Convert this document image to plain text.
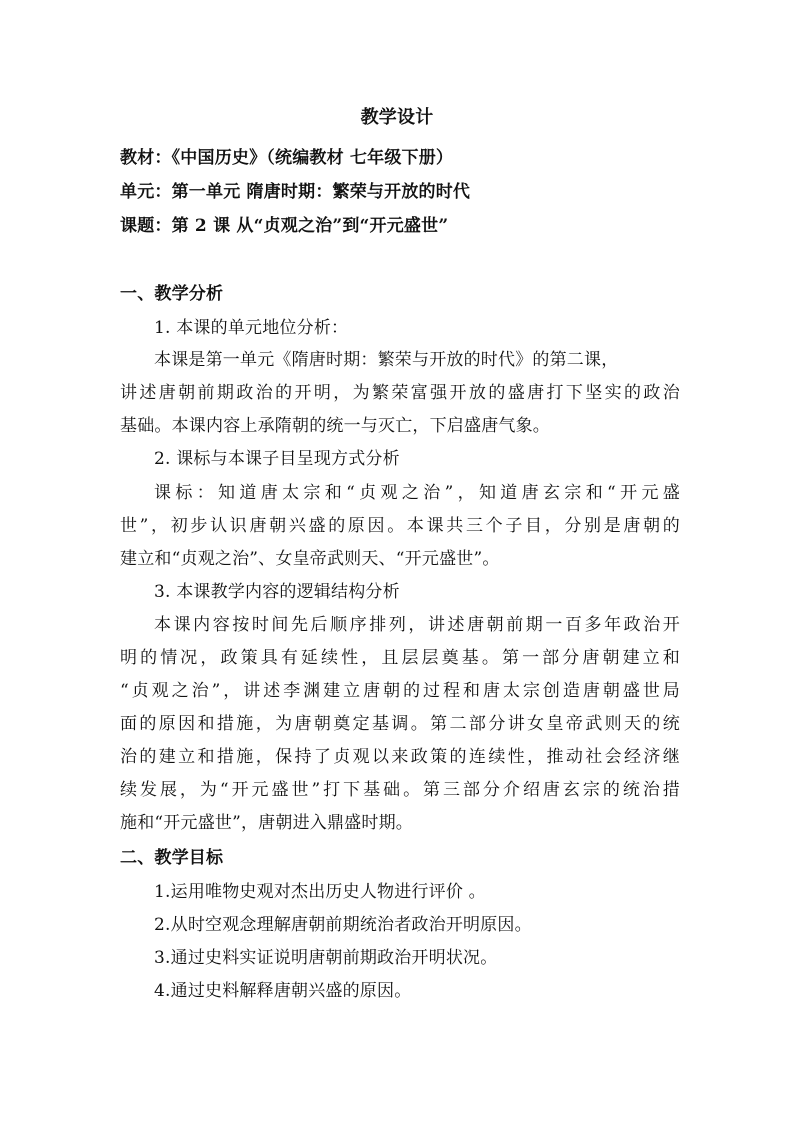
教学设计
教材：《中国历史》（统编教材 七年级下册）
单元：第一单元 隋唐时期：繁荣与开放的时代
课题：第 2 课 从“贞观之治”到“开元盛世”
一、教学分析
1. 本课的单元地位分析：
本课是第一单元《隋唐时期：繁荣与开放的时代》的第二课，
讲述唐朝前期政治的开明，为繁荣富强开放的盛唐打下坚实的政治
基础。本课内容上承隋朝的统一与灭亡，下启盛唐气象。
2. 课标与本课子目呈现方式分析
课标：知道唐太宗和“贞观之治”，知道唐玄宗和“开元盛
世”，初步认识唐朝兴盛的原因。本课共三个子目，分别是唐朝的
建立和“贞观之治”、女皇帝武则天、“开元盛世”。
3. 本课教学内容的逻辑结构分析
本课内容按时间先后顺序排列，讲述唐朝前期一百多年政治开
明的情况，政策具有延续性，且层层奠基。第一部分唐朝建立和
“贞观之治”，讲述李渊建立唐朝的过程和唐太宗创造唐朝盛世局
面的原因和措施，为唐朝奠定基调。第二部分讲女皇帝武则天的统
治的建立和措施，保持了贞观以来政策的连续性，推动社会经济继
续发展，为“开元盛世”打下基础。第三部分介绍唐玄宗的统治措
施和“开元盛世”，唐朝进入鼎盛时期。
二、教学目标
1.运用唯物史观对杰出历史人物进行评价 。
2.从时空观念理解唐朝前期统治者政治开明原因。
3.通过史料实证说明唐朝前期政治开明状况。
4.通过史料解释唐朝兴盛的原因。
